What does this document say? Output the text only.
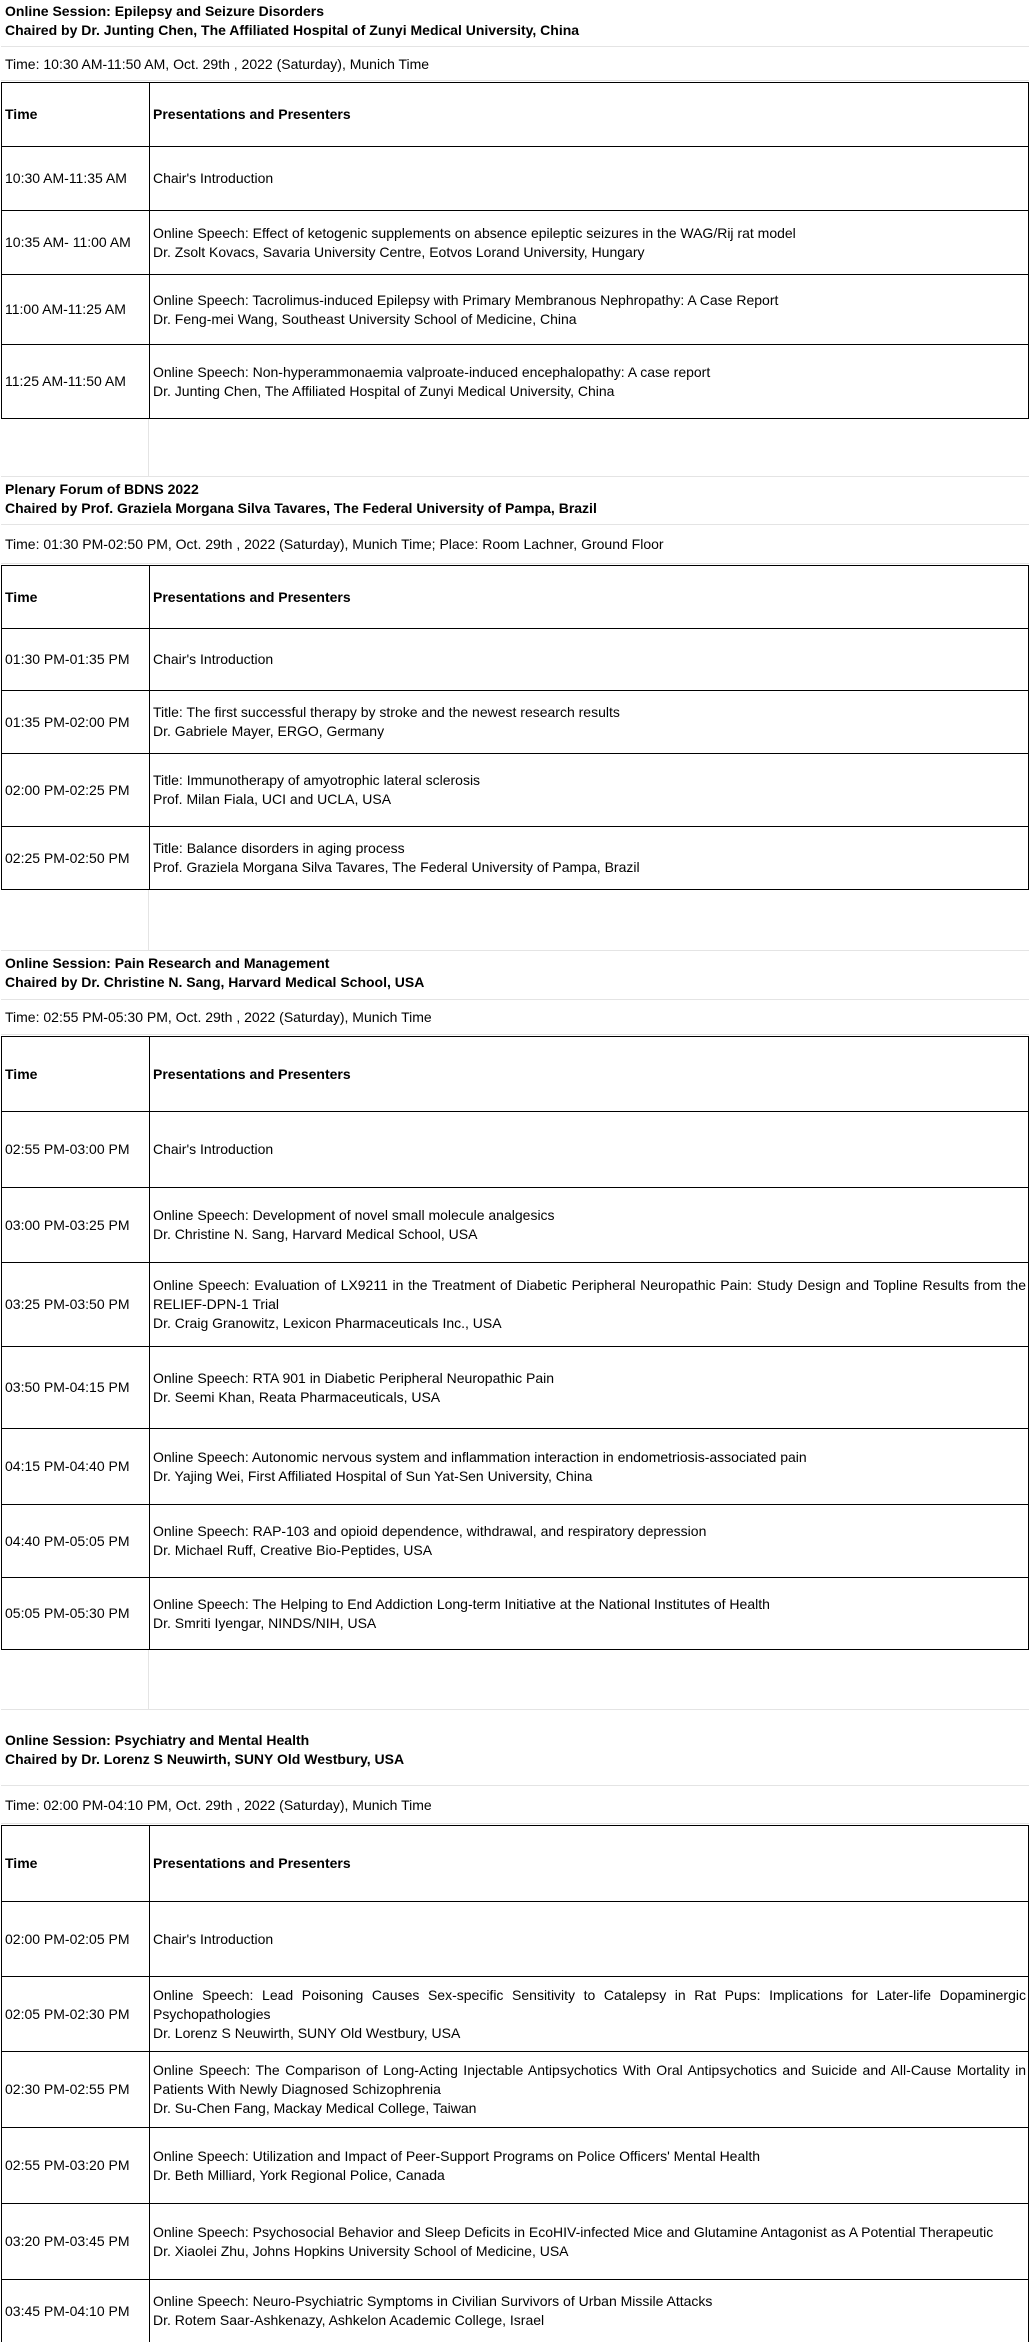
Online Session: Epilepsy and Seizure Disorders
Chaired by Dr. Junting Chen, The Affiliated Hospital of Zunyi Medical University, China
Time: 10:30 AM-11:50 AM, Oct. 29th , 2022 (Saturday), Munich Time
Time	Presentations and Presenters
10:30 AM-11:35 AM	Chair's Introduction

10:35 AM- 11:00 AM	Online Speech: Effect of ketogenic supplements on absence epileptic seizures in the WAG/Rij rat model
Dr. Zsolt Kovacs, Savaria University Centre, Eotvos Lorand University, Hungary

11:00 AM-11:25 AM	Online Speech: Tacrolimus-induced Epilepsy with Primary Membranous Nephropathy: A Case Report
Dr. Feng-mei Wang, Southeast University School of Medicine, China

11:25 AM-11:50 AM	Online Speech: Non-hyperammonaemia valproate-induced encephalopathy: A case report
Dr. Junting Chen, The Affiliated Hospital of Zunyi Medical University, China
Plenary Forum of BDNS 2022
Chaired by Prof. Graziela Morgana Silva Tavares, The Federal University of Pampa, Brazil
Time: 01:30 PM-02:50 PM, Oct. 29th , 2022 (Saturday), Munich Time; Place: Room Lachner, Ground Floor
Time	Presentations and Presenters
01:30 PM-01:35 PM	Chair's Introduction

01:35 PM-02:00 PM	Title: The first successful therapy by stroke and the newest research results
Dr. Gabriele Mayer, ERGO, Germany

02:00 PM-02:25 PM	Title: Immunotherapy of amyotrophic lateral sclerosis
Prof. Milan Fiala, UCI and UCLA, USA

02:25 PM-02:50 PM	Title: Balance disorders in aging process
Prof. Graziela Morgana Silva Tavares, The Federal University of Pampa, Brazil
Online Session: Pain Research and Management
Chaired by Dr. Christine N. Sang, Harvard Medical School, USA
Time: 02:55 PM-05:30 PM, Oct. 29th , 2022 (Saturday), Munich Time
Time	Presentations and Presenters
02:55 PM-03:00 PM	Chair's Introduction

03:00 PM-03:25 PM	Online Speech: Development of novel small molecule analgesics
Dr. Christine N. Sang, Harvard Medical School, USA

03:25 PM-03:50 PM	Online Speech: Evaluation of LX9211 in the Treatment of Diabetic Peripheral Neuropathic Pain: Study Design and Topline Results from the RELIEF-DPN-1 Trial
Dr. Craig Granowitz, Lexicon Pharmaceuticals Inc., USA

03:50 PM-04:15 PM	Online Speech: RTA 901 in Diabetic Peripheral Neuropathic Pain
Dr. Seemi Khan, Reata Pharmaceuticals, USA

04:15 PM-04:40 PM	Online Speech: Autonomic nervous system and inflammation interaction in endometriosis-associated pain
Dr. Yajing Wei, First Affiliated Hospital of Sun Yat-Sen University, China

04:40 PM-05:05 PM	Online Speech: RAP-103 and opioid dependence, withdrawal, and respiratory depression
Dr. Michael Ruff, Creative Bio-Peptides, USA

05:05 PM-05:30 PM	Online Speech: The Helping to End Addiction Long-term Initiative at the National Institutes of Health
Dr. Smriti Iyengar, NINDS/NIH, USA
Online Session: Psychiatry and Mental Health
Chaired by Dr. Lorenz S Neuwirth, SUNY Old Westbury, USA
Time: 02:00 PM-04:10 PM, Oct. 29th , 2022 (Saturday), Munich Time
Time	Presentations and Presenters
02:00 PM-02:05 PM	Chair's Introduction

02:05 PM-02:30 PM	Online Speech: Lead Poisoning Causes Sex-specific Sensitivity to Catalepsy in Rat Pups: Implications for Later-life Dopaminergic Psychopathologies
Dr. Lorenz S Neuwirth, SUNY Old Westbury, USA

02:30 PM-02:55 PM	Online Speech: The Comparison of Long-Acting Injectable Antipsychotics With Oral Antipsychotics and Suicide and All-Cause Mortality in Patients With Newly Diagnosed Schizophrenia
Dr. Su-Chen Fang, Mackay Medical College, Taiwan

02:55 PM-03:20 PM	Online Speech: Utilization and Impact of Peer-Support Programs on Police Officers' Mental Health
Dr. Beth Milliard, York Regional Police, Canada

03:20 PM-03:45 PM	Online Speech: Psychosocial Behavior and Sleep Deficits in EcoHIV-infected Mice and Glutamine Antagonist as A Potential Therapeutic
Dr. Xiaolei Zhu, Johns Hopkins University School of Medicine, USA

03:45 PM-04:10 PM	Online Speech: Neuro-Psychiatric Symptoms in Civilian Survivors of Urban Missile Attacks
Dr. Rotem Saar-Ashkenazy, Ashkelon Academic College, Israel
